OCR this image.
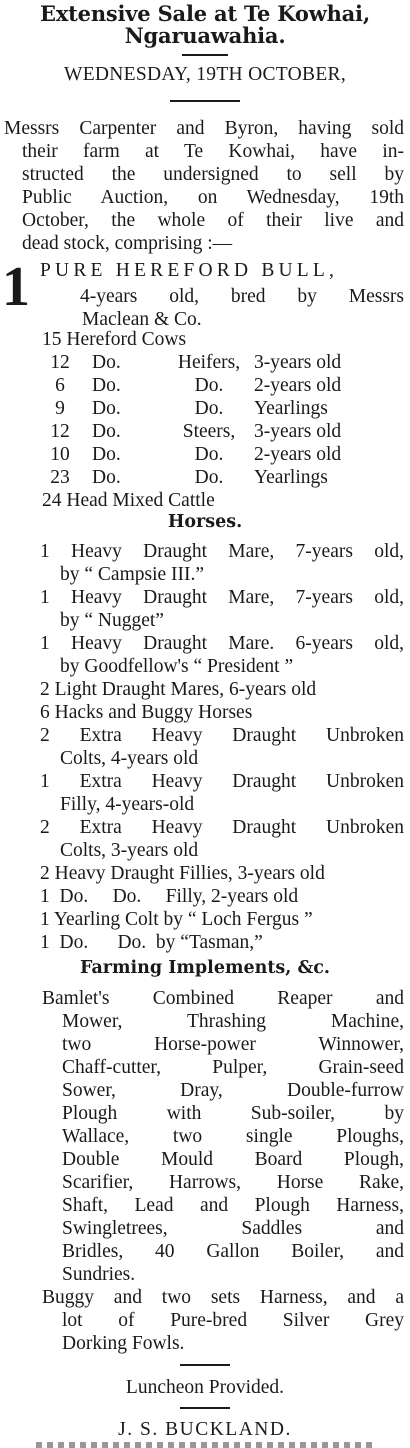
Extensive Sale at Te Kowhai,
Ngaruawahia.
WEDNESDAY, 19TH OCTOBER,
Messrs Carpenter and Byron, having sold
their farm at Te Kowhai, have in-
structed the undersigned to sell by
Public Auction, on Wednesday, 19th
October, the whole of their live and
dead stock, comprising :—
1 PURE HEREFORD BULL,
4-years old, bred by Messrs
Maclean & Co.
15 Hereford Cows
12	Do.	Heifers, 3-years old
6	Do.	Do.	2-years old
9	Do.	Do.	Yearlings
12	Do.	Steers, 3-years old
10	Do.	Do.	2-years old
23	Do.	Do.	Yearlings
24 Head Mixed Cattle
Horses.
1 Heavy Draught Mare, 7-years old,
by “ Campsie III.”
1 Heavy Draught Mare, 7-years old,
by “ Nugget”
1 Heavy Draught Mare. 6-years old,
by Goodfellow's “ President ”
2 Light Draught Mares, 6-years old
6 Hacks and Buggy Horses
2 Extra Heavy Draught Unbroken
Colts, 4-years old
1 Extra Heavy Draught Unbroken
Filly, 4-years-old
2 Extra Heavy Draught Unbroken
Colts, 3-years old
2 Heavy Draught Fillies, 3-years old
1  Do.     Do.     Filly, 2-years old
1 Yearling Colt by “ Loch Fergus ”
1  Do.      Do.  by “Tasman,”
Farming Implements, &c.
Bamlet's Combined Reaper and
Mower, Thrashing Machine,
two Horse-power Winnower,
Chaff-cutter, Pulper, Grain-seed
Sower, Dray, Double-furrow
Plough with Sub-soiler, by
Wallace, two single Ploughs,
Double Mould Board Plough,
Scarifier, Harrows, Horse Rake,
Shaft, Lead and Plough Harness,
Swingletrees, Saddles and
Bridles, 40 Gallon Boiler, and
Sundries.
Buggy and two sets Harness, and a
lot of Pure-bred Silver Grey
Dorking Fowls.
Luncheon Provided.
J. S. BUCKLAND.
